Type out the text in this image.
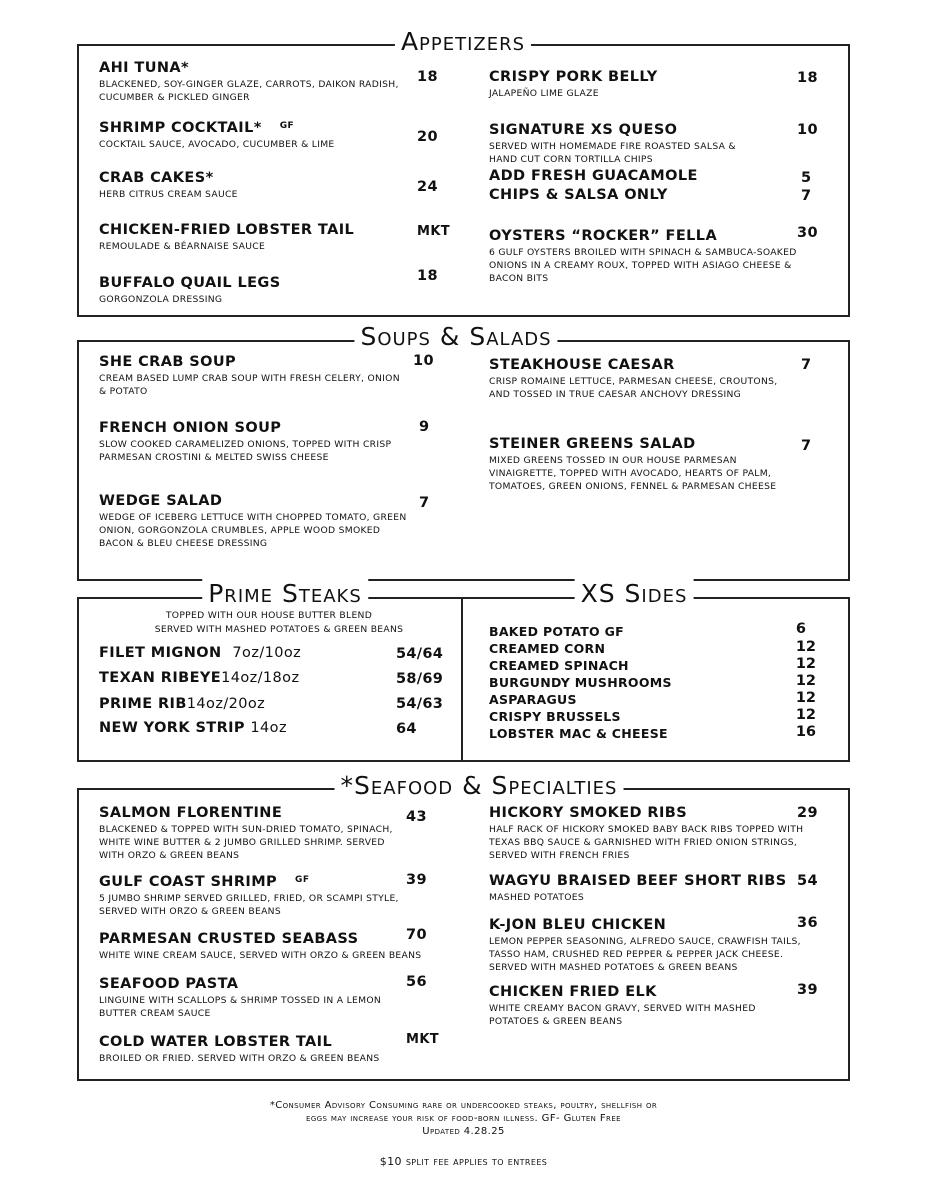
Appetizers
AHI TUNA*
BLACKENED, SOY-GINGER GLAZE, CARROTS, DAIKON RADISH, CUCUMBER & PICKLED GINGER
18
SHRIMP COCKTAIL* $^{GF}$
COCKTAIL SAUCE, AVOCADO, CUCUMBER & LIME	20
CRAB CAKES*
HERB CITRUS CREAM SAUCE	24
CHICKEN-FRIED LOBSTER TAIL
REMOULADE & BÉARNAISE SAUCE
MKT
BUFFALO QUAIL LEGS
GORGONZOLA DRESSING
18
CRISPY PORK BELLY
JALAPEÑO LIME GLAZE
18
SIGNATURE XS QUESO
SERVED WITH HOMEMADE FIRE ROASTED SALSA & HAND CUT CORN TORTILLA CHIPS
10
ADD FRESH GUACAMOLE	5
CHIPS & SALSA ONLY	7
OYSTERS “ROCKER” FELLA
6 GULF OYSTERS BROILED WITH SPINACH & SAMBUCA-SOAKED ONIONS IN A CREAMY ROUX, TOPPED WITH ASIAGO CHEESE & BACON BITS
30
Soups & Salads
SHE CRAB SOUP
CREAM BASED LUMP CRAB SOUP WITH FRESH CELERY, ONION & POTATO
10
FRENCH ONION SOUP
SLOW COOKED CARAMELIZED ONIONS, TOPPED WITH CRISP PARMESAN CROSTINI & MELTED SWISS CHEESE
9
WEDGE SALAD
WEDGE OF ICEBERG LETTUCE WITH CHOPPED TOMATO, GREEN ONION, GORGONZOLA CRUMBLES, APPLE WOOD SMOKED BACON & BLEU CHEESE DRESSING
7
STEAKHOUSE CAESAR
CRISP ROMAINE LETTUCE, PARMESAN CHEESE, CROUTONS, AND TOSSED IN TRUE CAESAR ANCHOVY DRESSING
7
STEINER GREENS SALAD
MIXED GREENS TOSSED IN OUR HOUSE PARMESAN VINAIGRETTE, TOPPED WITH AVOCADO, HEARTS OF PALM, TOMATOES, GREEN ONIONS, FENNEL & PARMESAN CHEESE
7
Prime Steaks
TOPPED WITH OUR HOUSE BUTTER BLEND
SERVED WITH MASHED POTATOES & GREEN BEANS
FILET MIGNON 7oz/10oz	54/64
TEXAN RIBEYE14oz/18oz	58/69
PRIME RIB14oz/20oz	54/63
NEW YORK STRIP 14oz	64
XS Sides
BAKED POTATO GF	6
CREAMED CORN	12
CREAMED SPINACH	12
BURGUNDY MUSHROOMS	12
ASPARAGUS	12
CRISPY BRUSSELS	12
LOBSTER MAC & CHEESE	16
*Seafood & Specialties
SALMON FLORENTINE
BLACKENED & TOPPED WITH SUN-DRIED TOMATO, SPINACH, WHITE WINE BUTTER & 2 JUMBO GRILLED SHRIMP. SERVED WITH ORZO & GREEN BEANS
43
GULF COAST SHRIMP $^{GF}$
5 JUMBO SHRIMP SERVED GRILLED, FRIED, OR SCAMPI STYLE, SERVED WITH ORZO & GREEN BEANS
39
PARMESAN CRUSTED SEABASS
WHITE WINE CREAM SAUCE, SERVED WITH ORZO & GREEN BEANS
70
SEAFOOD PASTA
LINGUINE WITH SCALLOPS & SHRIMP TOSSED IN A LEMON BUTTER CREAM SAUCE
56
COLD WATER LOBSTER TAIL
BROILED OR FRIED. SERVED WITH ORZO & GREEN BEANS
MKT
HICKORY SMOKED RIBS
HALF RACK OF HICKORY SMOKED BABY BACK RIBS TOPPED WITH TEXAS BBQ SAUCE & GARNISHED WITH FRIED ONION STRINGS, SERVED WITH FRENCH FRIES
29
WAGYU BRAISED BEEF SHORT RIBS
MASHED POTATOES
54
K-JON BLEU CHICKEN
LEMON PEPPER SEASONING, ALFREDO SAUCE, CRAWFISH TAILS, TASSO HAM, CRUSHED RED PEPPER & PEPPER JACK CHEESE. SERVED WITH MASHED POTATOES & GREEN BEANS
36
CHICKEN FRIED ELK
WHITE CREAMY BACON GRAVY, SERVED WITH MASHED POTATOES & GREEN BEANS
39
*Consumer Advisory Consuming rare or undercooked steaks, poultry, shellfish or
eggs may increase your risk of food-born illness. GF- Gluten Free
Updated 4.28.25
$10 split fee applies to entrees
